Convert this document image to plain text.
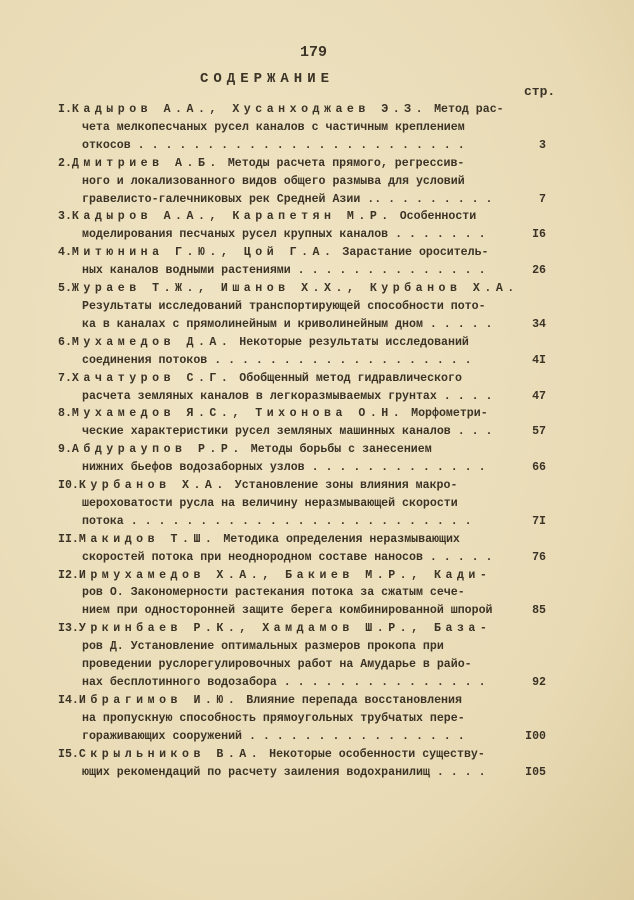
179
СОДЕРЖАНИЕ
стр.
I.Кадыров А.А., Хусанходжаев Э.З. Метод рас-
чета мелкопесчаных русел каналов с частичным креплением
откосов . . . . . . . . . . . . . . . . . . . . . . . .	3
2.Дмитриев А.Б. Методы расчета прямого, регрессив-
ного и локализованного видов общего размыва для условий
гравелисто-галечниковых рек Средней Азии .. . . . . . . . .	7
3.Кадыров А.А., Карапетян М.Р. Особенности
моделирования песчаных русел крупных каналов . . . . . . .	I6
4.Митюнина Г.Ю., Цой Г.А. Зарастание ороситель-
ных каналов водными растениями . . . . . . . . . . . . . .	26
5.Жураев Т.Ж., Ишанов Х.Х., Курбанов Х.А.
Результаты исследований транспортирующей способности пото-
ка в каналах с прямолинейным и криволинейным дном . . . . .	34
6.Мухамедов Д.А. Некоторые результаты исследований
соединения потоков . . . . . . . . . . . . . . . . . . .	4I
7.Хачатуров С.Г. Обобщенный метод гидравлического
расчета земляных каналов в легкоразмываемых грунтах . . . .	47
8.Мухамедов Я.С., Тихонова О.Н. Морфометри-
ческие характеристики русел земляных машинных каналов . . .	57
9.Абдураупов Р.Р. Методы борьбы с занесением
нижних бьефов водозаборных узлов . . . . . . . . . . . . .	66
I0.Курбанов Х.А. Установление зоны влияния макро-
шероховатости русла на величину неразмывающей скорости
потока . . . . . . . . . . . . . . . . . . . . . . . . .	7I
II.Макидов Т.Ш. Методика определения неразмывающих
скоростей потока при неоднородном составе наносов . . . . .	76
I2.Ирмухамедов Х.А., Бакиев М.Р., Кади-
ров О. Закономерности растекания потока за сжатым сече-
нием при односторонней защите берега комбинированной шпорой	85
I3.Уркинбаев Р.К., Хамдамов Ш.Р., База-
ров Д. Установление оптимальных размеров прокопа при
проведении руслорегулировочных работ на Амударье в райо-
нах бесплотинного водозабора . . . . . . . . . . . . . . .	92
I4.Ибрагимов И.Ю. Влияние перепада восстановления
на пропускную способность прямоугольных трубчатых пере-
гораживающих сооружений . . . . . . . . . . . . . . . .	I00
I5.Скрыльников В.А. Некоторые особенности существу-
ющих рекомендаций по расчету заиления водохранилищ . . . .	I05
